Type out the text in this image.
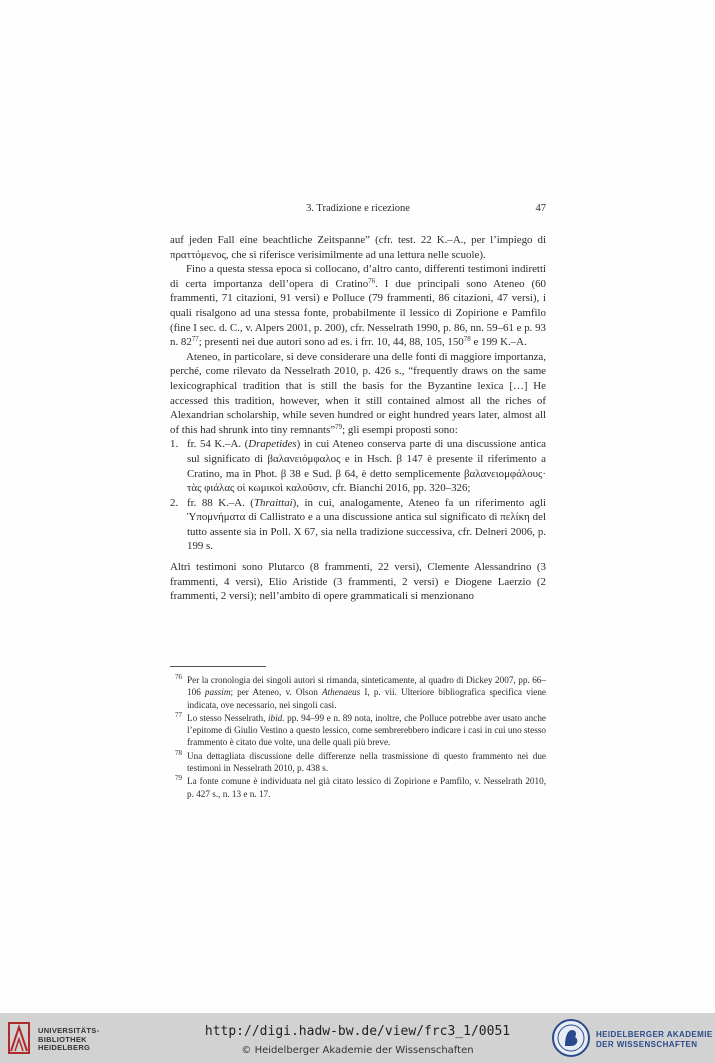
3. Tradizione e ricezione	47

auf jeden Fall eine beachtliche Zeitspanne” (cfr. test. 22 K.–A., per l’impiego di πραττόμενος, che si riferisce verisimilmente ad una lettura nelle scuole).

Fino a questa stessa epoca si collocano, d’altro canto, differenti testimoni indiretti di certa importanza dell’opera di Cratino$^{76}$. I due principali sono Ateneo (60 frammenti, 71 citazioni, 91 versi) e Polluce (79 frammenti, 86 citazioni, 47 versi), i quali risalgono ad una stessa fonte, probabilmente il lessico di Zopirione e Pamfilo (fine I sec. d. C., v. Alpers 2001, p. 200), cfr. Nesselrath 1990, p. 86, nn. 59–61 e p. 93 n. 82$^{77}$; presenti nei due autori sono ad es. i frr. 10, 44, 88, 105, 150$^{78}$ e 199 K.–A.

Ateneo, in particolare, si deve considerare una delle fonti di maggiore importanza, perché, come rilevato da Nesselrath 2010, p. 426 s., “frequently draws on the same lexicographical tradition that is still the basis for the Byzantine lexica […] He accessed this tradition, however, when it still contained almost all the riches of Alexandrian scholarship, while seven hundred or eight hundred years later, almost all of this had shrunk into tiny remnants”$^{79}$; gli esempi proposti sono:

1. fr. 54 K.–A. (Drapetides) in cui Ateneo conserva parte di una discussione antica sul significato di βαλανειόμφαλος e in Hsch. β 147 è presente il riferimento a Cratino, ma in Phot. β 38 e Sud. β 64, è detto semplicemente βαλανειομφάλους· τὰς φιάλας οἱ κωμικοὶ καλοῦσιν, cfr. Bianchi 2016, pp. 320–326;
2. fr. 88 K.–A. (Thraittai), in cui, analogamente, Ateneo fa un riferimento agli Ὑπομνήματα di Callistrato e a una discussione antica sul significato di πελίκη del tutto assente sia in Poll. X 67, sia nella tradizione successiva, cfr. Delneri 2006, p. 199 s.

Altri testimoni sono Plutarco (8 frammenti, 22 versi), Clemente Alessandrino (3 frammenti, 4 versi), Elio Aristide (3 frammenti, 2 versi) e Diogene Laerzio (2 frammenti, 2 versi); nell’ambito di opere grammaticali si menzionano

76 Per la cronologia dei singoli autori si rimanda, sinteticamente, al quadro di Dickey 2007, pp. 66–106 passim; per Ateneo, v. Olson Athenaeus I, p. vii. Ulteriore bibliografica specifica viene indicata, ove necessario, nei singoli casi.

77 Lo stesso Nesselrath, ibid. pp. 94–99 e n. 89 nota, inoltre, che Polluce potrebbe aver usato anche l’epitome di Giulio Vestino a questo lessico, come sembrerebbero indicare i casi in cui uno stesso frammento è citato due volte, una delle quali più breve.

78 Una dettagliata discussione delle differenze nella trasmissione di questo frammento nei due testimoni in Nesselrath 2010, p. 438 s.

79 La fonte comune è individuata nel già citato lessico di Zopirione e Pamfilo, v. Nesselrath 2010, p. 427 s., n. 13 e n. 17.

UNIVERSITÄTS-
BIBLIOTHEK
HEIDELBERG
http://digi.hadw-bw.de/view/frc3_1/0051
© Heidelberger Akademie der Wissenschaften
HEIDELBERGER AKADEMIE
DER WISSENSCHAFTEN
